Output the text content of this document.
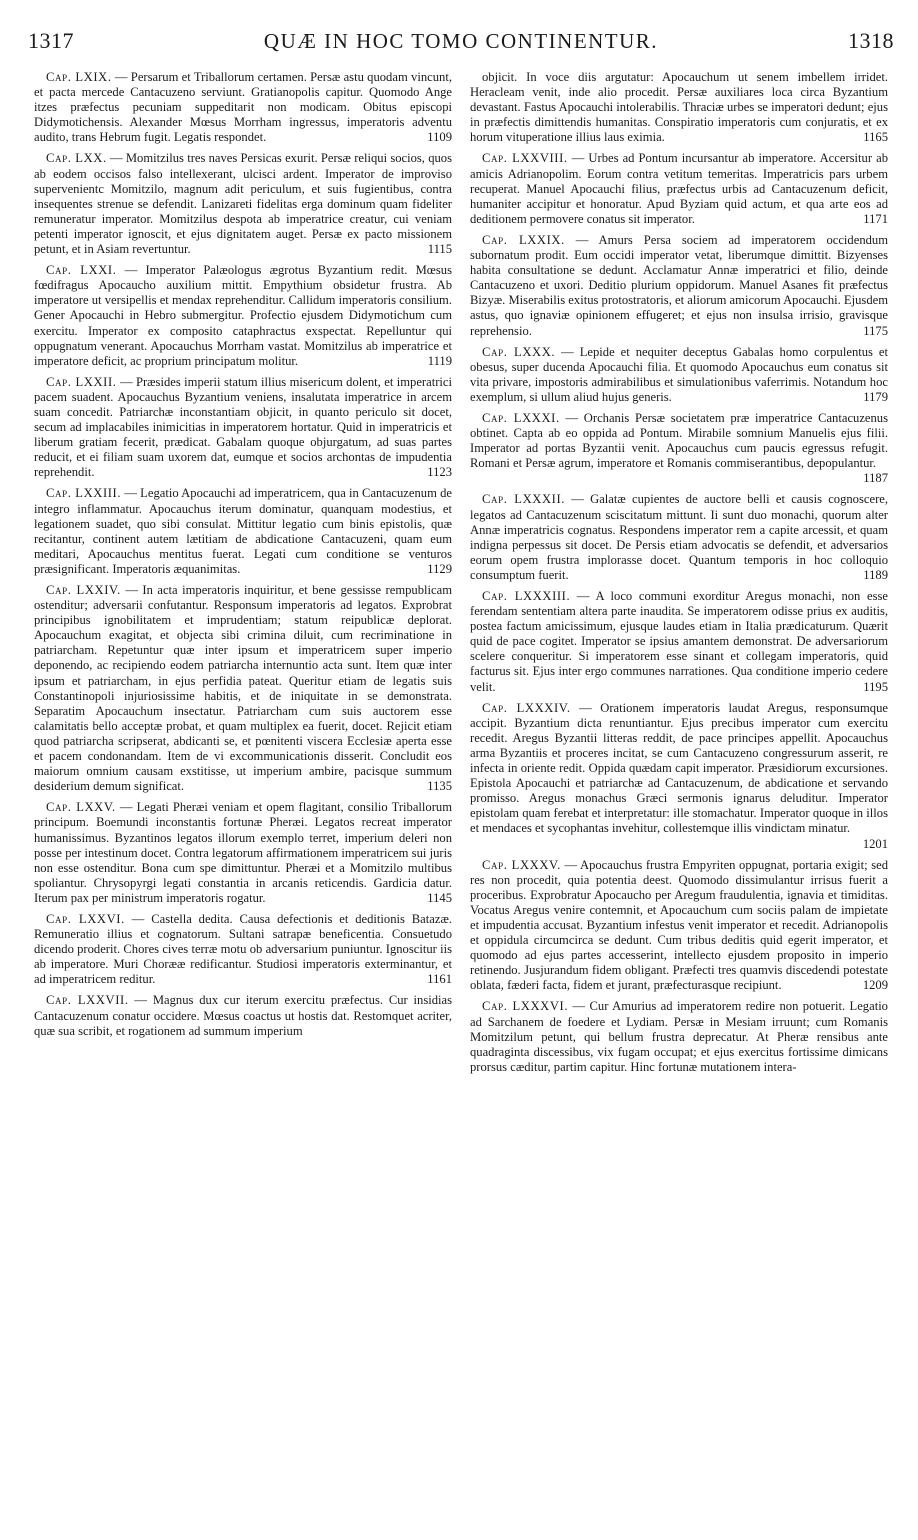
1317	QUÆ IN HOC TOMO CONTINENTUR.	1318

Cap. LXIX. — Persarum et Triballorum certamen. Persæ astu quodam vincunt, et pacta mercede Cantacuzeno serviunt. Gratianopolis capitur. Quomodo Ange itzes præfectus pecuniam suppeditarit non modicam. Obitus episcopi Didymotichensis. Alexander Mœsus Morrham ingressus, imperatoris adventu audito, trans Hebrum fugit. Legatis respondet.	1109

Cap. LXX. — Momitzilus tres naves Persicas exurit. Persæ reliqui socios, quos ab eodem occisos falso intellexerant, ulcisci ardent. Imperator de improviso supervenientc Momitzilo, magnum adit periculum, et suis fugientibus, contra insequentes strenue se defendit. Lanizareti fidelitas erga dominum quam fideliter remuneratur imperator. Momitzilus despota ab imperatrice creatur, cui veniam petenti imperator ignoscit, et ejus dignitatem auget. Persæ ex pacto missionem petunt, et in Asiam revertuntur.	1115

Cap. LXXI. — Imperator Palæologus ægrotus Byzantium redit. Mœsus fœdifragus Apocaucho auxilium mittit. Empythium obsidetur frustra. Ab imperatore ut versipellis et mendax reprehenditur. Callidum imperatoris consilium. Gener Apocauchi in Hebro submergitur. Profectio ejusdem Didymotichum cum exercitu. Imperator ex composito cataphractus exspectat. Repelluntur qui oppugnatum venerant. Apocauchus Morrham vastat. Momitzilus ab imperatrice et imperatore deficit, ac proprium principatum molitur.	1119

Cap. LXXII. — Præsides imperii statum illius misericum dolent, et imperatrici pacem suadent. Apocauchus Byzantium veniens, insalutata imperatrice in arcem suam concedit. Patriarchæ inconstantiam objicit, in quanto periculo sit docet, secum ad implacabiles inimicitias in imperatorem hortatur. Quid in imperatricis et liberum gratiam fecerit, prædicat. Gabalam quoque objurgatum, ad suas partes reducit, et ei filiam suam uxorem dat, eumque et socios archontas de impudentia reprehendit.	1123

Cap. LXXIII. — Legatio Apocauchi ad imperatricem, qua in Cantacuzenum de integro inflammatur. Apocauchus iterum dominatur, quanquam modestius, et legationem suadet, quo sibi consulat. Mittitur legatio cum binis epistolis, quæ recitantur, continent autem lætitiam de abdicatione Cantacuzeni, quam eum meditari, Apocauchus mentitus fuerat. Legati cum conditione se venturos præsignificant. Imperatoris æquanimitas.	1129

Cap. LXXIV. — In acta imperatoris inquiritur, et bene gessisse rempublicam ostenditur; adversarii confutantur. Responsum imperatoris ad legatos. Exprobrat principibus ignobilitatem et imprudentiam; statum reipublicæ deplorat. Apocauchum exagitat, et objecta sibi crimina diluit, cum recriminatione in patriarcham. Repetuntur quæ inter ipsum et imperatricem super imperio deponendo, ac recipiendo eodem patriarcha internuntio acta sunt. Item quæ inter ipsum et patriarcham, in ejus perfidia pateat. Queritur etiam de legatis suis Constantinopoli injuriosissime habitis, et de iniquitate in se demonstrata. Separatim Apocauchum insectatur. Patriarcham cum suis auctorem esse calamitatis bello acceptæ probat, et quam multiplex ea fuerit, docet. Rejicit etiam quod patriarcha scripserat, abdicanti se, et pœnitenti viscera Ecclesiæ aperta esse et pacem condonandam. Item de vi excommunicationis disserit. Concludit eos maiorum omnium causam exstitisse, ut imperium ambire, pacisque summum desiderium demum significat.	1135

Cap. LXXV. — Legati Pheræi veniam et opem flagitant, consilio Triballorum principum. Boemundi inconstantis fortunæ Pheræi. Legatos recreat imperator humanissimus. Byzantinos legatos illorum exemplo terret, imperium deleri non posse per intestinum docet. Contra legatorum affirmationem imperatricem sui juris non esse ostenditur. Bona cum spe dimittuntur. Pheræi et a Momitzilo multibus spoliantur. Chrysopyrgi legati constantia in arcanis reticendis. Gardicia datur. Iterum pax per ministrum imperatoris rogatur.	1145

Cap. LXXVI. — Castella dedita. Causa defectionis et deditionis Batazæ. Remuneratio illius et cognatorum. Sultani satrapæ beneficentia. Consuetudo dicendo proderit. Chores cives terræ motu ob adversarium puniuntur. Ignoscitur iis ab imperatore. Muri Chorææ redificantur. Studiosi imperatoris exterminantur, et ad imperatricem reditur.	1161

Cap. LXXVII. — Magnus dux cur iterum exercitu præfectus. Cur insidias Cantacuzenum conatur occidere. Mœsus coactus ut hostis dat. Restomquet acriter, quæ sua scribit, et rogationem ad summum imperium

objicit. In voce diis argutatur: Apocauchum ut senem imbellem irridet. Heracleam venit, inde alio procedit. Persæ auxiliares loca circa Byzantium devastant. Fastus Apocauchi intolerabilis. Thraciæ urbes se imperatori dedunt; ejus in præfectis dimittendis humanitas. Conspiratio imperatoris cum conjuratis, et ex horum vituperatione illius laus eximia.	1165

Cap. LXXVIII. — Urbes ad Pontum incursantur ab imperatore. Accersitur ab amicis Adrianopolim. Eorum contra vetitum temeritas. Imperatricis pars urbem recuperat. Manuel Apocauchi filius, præfectus urbis ad Cantacuzenum deficit, humaniter accipitur et honoratur. Apud Byziam quid actum, et qua arte eos ad deditionem permovere conatus sit imperator.	1171

Cap. LXXIX. — Amurs Persa sociem ad imperatorem occidendum subornatum prodit. Eum occidi imperator vetat, liberumque dimittit. Bizyenses habita consultatione se dedunt. Acclamatur Annæ imperatrici et filio, deinde Cantacuzeno et uxori. Deditio plurium oppidorum. Manuel Asanes fit præfectus Bizyæ. Miserabilis exitus protostratoris, et aliorum amicorum Apocauchi. Ejusdem astus, quo ignaviæ opinionem effugeret; et ejus non insulsa irrisio, gravisque reprehensio.	1175

Cap. LXXX. — Lepide et nequiter deceptus Gabalas homo corpulentus et obesus, super ducenda Apocauchi filia. Et quomodo Apocauchus eum conatus sit vita privare, impostoris admirabilibus et simulationibus vaferrimis. Notandum hoc exemplum, si ullum aliud hujus generis.	1179

Cap. LXXXI. — Orchanis Persæ societatem præ imperatrice Cantacuzenus obtinet. Capta ab eo oppida ad Pontum. Mirabile somnium Manuelis ejus filii. Imperator ad portas Byzantii venit. Apocauchus cum paucis egressus refugit. Romani et Persæ agrum, imperatore et Romanis commiserantibus, depopulantur.
1187

Cap. LXXXII. — Galatæ cupientes de auctore belli et causis cognoscere, legatos ad Cantacuzenum sciscitatum mittunt. Ii sunt duo monachi, quorum alter Annæ imperatricis cognatus. Respondens imperator rem a capite arcessit, et quam indigna perpessus sit docet. De Persis etiam advocatis se defendit, et adversarios eorum opem frustra implorasse docet. Quantum temporis in hoc colloquio consumptum fuerit.	1189

Cap. LXXXIII. — A loco communi exorditur Aregus monachi, non esse ferendam sententiam altera parte inaudita. Se imperatorem odisse prius ex auditis, postea factum amicissimum, ejusque laudes etiam in Italia prædicaturum. Quærit quid de pace cogitet. Imperator se ipsius amantem demonstrat. De adversariorum scelere conqueritur. Si imperatorem esse sinant et collegam imperatoris, quid facturus sit. Ejus inter ergo communes narrationes. Qua conditione imperio cedere velit.	1195

Cap. LXXXIV. — Orationem imperatoris laudat Aregus, responsumque accipit. Byzantium dicta renuntiantur. Ejus precibus imperator cum exercitu recedit. Aregus Byzantii litteras reddit, de pace principes appellit. Apocauchus arma Byzantiis et proceres incitat, se cum Cantacuzeno congressurum asserit, re infecta in oriente redit. Oppida quædam capit imperator. Præsidiorum excursiones. Epistola Apocauchi et patriarchæ ad Cantacuzenum, de abdicatione et servando promisso. Aregus monachus Græci sermonis ignarus deluditur. Imperator epistolam quam ferebat et interpretatur: ille stomachatur. Imperator quoque in illos et mendaces et sycophantas invehitur, collestemque illis vindictam minatur.
1201

Cap. LXXXV. — Apocauchus frustra Empyriten oppugnat, portaria exigit; sed res non procedit, quia potentia deest. Quomodo dissimulantur irrisus fuerit a proceribus. Exprobratur Apocaucho per Aregum fraudulentia, ignavia et timiditas. Vocatus Aregus venire contemnit, et Apocauchum cum sociis palam de impietate et impudentia accusat. Byzantium infestus venit imperator et recedit. Adrianopolis et oppidula circumcirca se dedunt. Cum tribus deditis quid egerit imperator, et quomodo ad ejus partes accesserint, intellecto ejusdem proposito in imperio retinendo. Jusjurandum fidem obligant. Præfecti tres quamvis discedendi potestate oblata, fæderi facta, fidem et jurant, præfecturasque recipiunt.	1209

Cap. LXXXVI. — Cur Amurius ad imperatorem redire non potuerit. Legatio ad Sarchanem de foedere et Lydiam. Persæ in Mesiam irruunt; cum Romanis Momitzilum petunt, qui bellum frustra deprecatur. At Pheræ rensibus ante quadraginta discessibus, vix fugam occupat; et ejus exercitus fortissime dimicans prorsus cæditur, partim capitur. Hinc fortunæ mutationem intera-
